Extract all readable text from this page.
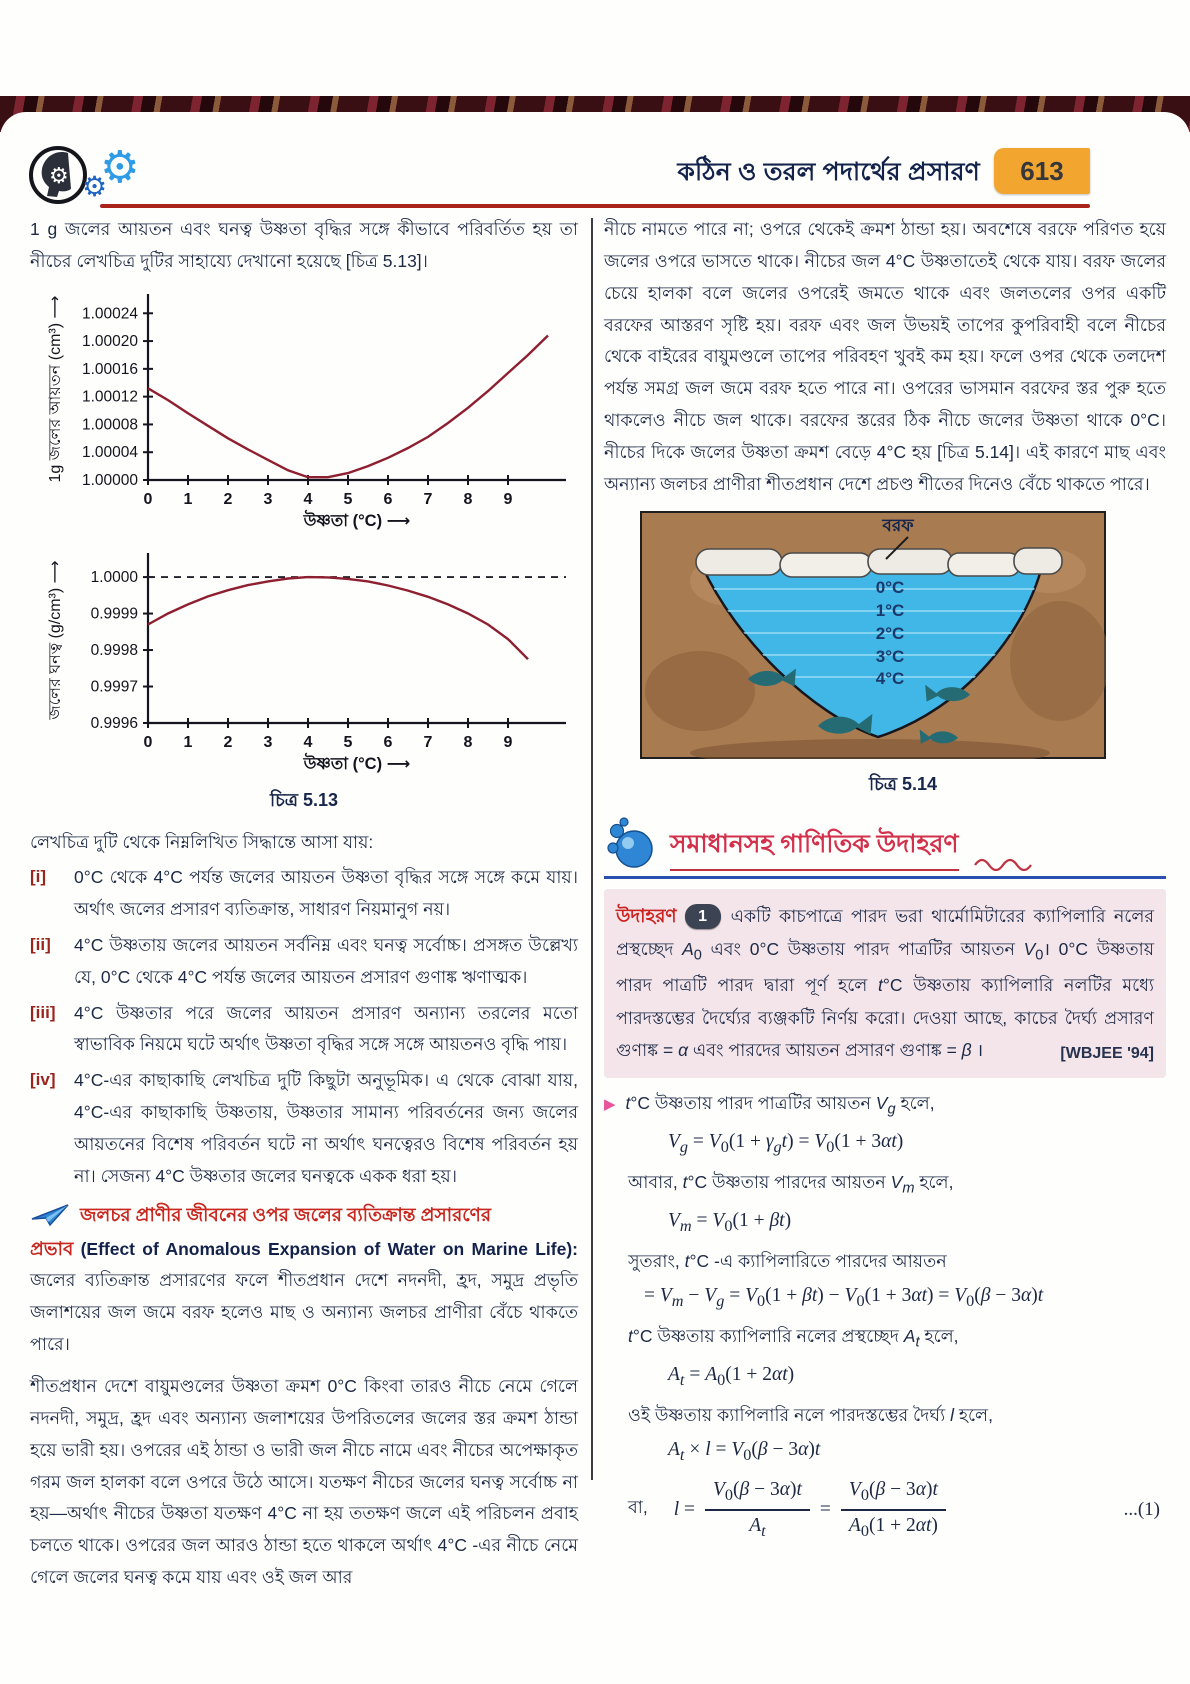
⚙ ⚙
⚙	কঠিন ও তরল পদার্থের প্রসারণ	613

1 g জলের আয়তন এবং ঘনত্ব উষ্ণতা বৃদ্ধির সঙ্গে কীভাবে পরিবর্তিত হয় তা নীচের লেখচিত্র দুটির সাহায্যে দেখানো হয়েছে [চিত্র 5.13]।

1.00024
1.00020
1.00016
1.00012
1.00008
1.00004
1.00000
0 1 2 3 4 5 6 7 8 9
1g জলের আয়তন (cm³) ⟶
উষ্ণতা (°C) ⟶
1.0000
0.9999
0.9998
0.9997
0.9996
0 1 2 3 4 5 6 7 8 9
জলের ঘনত্ব (g/cm³) ⟶
উষ্ণতা (°C) ⟶
চিত্র 5.13
লেখচিত্র দুটি থেকে নিম্নলিখিত সিদ্ধান্তে আসা যায়:
[i]	0°C থেকে 4°C পর্যন্ত জলের আয়তন উষ্ণতা বৃদ্ধির সঙ্গে সঙ্গে কমে যায়। অর্থাৎ জলের প্রসারণ ব্যতিক্রান্ত, সাধারণ নিয়মানুগ নয়।
[ii]	4°C উষ্ণতায় জলের আয়তন সর্বনিম্ন এবং ঘনত্ব সর্বোচ্চ। প্রসঙ্গত উল্লেখ্য যে, 0°C থেকে 4°C পর্যন্ত জলের আয়তন প্রসারণ গুণাঙ্ক ঋণাত্মক।
[iii]	4°C উষ্ণতার পরে জলের আয়তন প্রসারণ অন্যান্য তরলের মতো স্বাভাবিক নিয়মে ঘটে অর্থাৎ উষ্ণতা বৃদ্ধির সঙ্গে সঙ্গে আয়তনও বৃদ্ধি পায়।
[iv]	4°C-এর কাছাকাছি লেখচিত্র দুটি কিছুটা অনুভূমিক। এ থেকে বোঝা যায়, 4°C-এর কাছাকাছি উষ্ণতায়, উষ্ণতার সামান্য পরিবর্তনের জন্য জলের আয়তনের বিশেষ পরিবর্তন ঘটে না অর্থাৎ ঘনত্বেরও বিশেষ পরিবর্তন হয় না। সেজন্য 4°C উষ্ণতার জলের ঘনত্বকে একক ধরা হয়।
জলচর প্রাণীর জীবনের ওপর জলের ব্যতিক্রান্ত প্রসারণের

প্রভাব (Effect of Anomalous Expansion of Water on Marine Life): জলের ব্যতিক্রান্ত প্রসারণের ফলে শীতপ্রধান দেশে নদনদী, হ্রদ, সমুদ্র প্রভৃতি জলাশয়ের জল জমে বরফ হলেও মাছ ও অন্যান্য জলচর প্রাণীরা বেঁচে থাকতে পারে।

শীতপ্রধান দেশে বায়ুমণ্ডলের উষ্ণতা ক্রমশ 0°C কিংবা তারও নীচে নেমে গেলে নদনদী, সমুদ্র, হ্রদ এবং অন্যান্য জলাশয়ের উপরিতলের জলের স্তর ক্রমশ ঠান্ডা হয়ে ভারী হয়। ওপরের এই ঠান্ডা ও ভারী জল নীচে নামে এবং নীচের অপেক্ষাকৃত গরম জল হালকা বলে ওপরে উঠে আসে। যতক্ষণ নীচের জলের ঘনত্ব সর্বোচ্চ না হয়—অর্থাৎ নীচের উষ্ণতা যতক্ষণ 4°C না হয় ততক্ষণ জলে এই পরিচলন প্রবাহ চলতে থাকে। ওপরের জল আরও ঠান্ডা হতে থাকলে অর্থাৎ 4°C -এর নীচে নেমে গেলে জলের ঘনত্ব কমে যায় এবং ওই জল আর

নীচে নামতে পারে না; ওপরে থেকেই ক্রমশ ঠান্ডা হয়। অবশেষে বরফে পরিণত হয়ে জলের ওপরে ভাসতে থাকে। নীচের জল 4°C উষ্ণতাতেই থেকে যায়। বরফ জলের চেয়ে হালকা বলে জলের ওপরেই জমতে থাকে এবং জলতলের ওপর একটি বরফের আস্তরণ সৃষ্টি হয়। বরফ এবং জল উভয়ই তাপের কুপরিবাহী বলে নীচের থেকে বাইরের বায়ুমণ্ডলে তাপের পরিবহণ খুবই কম হয়। ফলে ওপর থেকে তলদেশ পর্যন্ত সমগ্র জল জমে বরফ হতে পারে না। ওপরের ভাসমান বরফের স্তর পুরু হতে থাকলেও নীচে জল থাকে। বরফের স্তরের ঠিক নীচে জলের উষ্ণতা থাকে 0°C। নীচের দিকে জলের উষ্ণতা ক্রমশ বেড়ে 4°C হয় [চিত্র 5.14]। এই কারণে মাছ এবং অন্যান্য জলচর প্রাণীরা শীতপ্রধান দেশে প্রচণ্ড শীতের দিনেও বেঁচে থাকতে পারে।

বরফ
0°C
1°C
2°C
3°C
4°C
চিত্র 5.14
সমাধানসহ গাণিতিক উদাহরণ
উদাহরণ 1 একটি কাচপাত্রে পারদ ভরা থার্মোমিটারের ক্যাপিলারি নলের প্রস্থচ্ছেদ $A_0$ এবং 0°C উষ্ণতায় পারদ পাত্রটির আয়তন $V_0।$ 0°C উষ্ণতায় পারদ পাত্রটি পারদ দ্বারা পূর্ণ হলে t°C উষ্ণতায় ক্যাপিলারি নলটির মধ্যে পারদস্তম্ভের দৈর্ঘ্যের ব্যঞ্জকটি নির্ণয় করো। দেওয়া আছে, কাচের দৈর্ঘ্য প্রসারণ গুণাঙ্ক = α এবং পারদের আয়তন প্রসারণ গুণাঙ্ক = β ।	[WBJEE '94]
▶ t°C উষ্ণতায় পারদ পাত্রটির আয়তন $V_g$ হলে,
$V_g = V_0(1 + \gamma_gt) = V_0(1 + 3\alpha t)$
আবার, t°C উষ্ণতায় পারদের আয়তন $V_m$ হলে,
$V_m = V_0(1 + \beta t)$
সুতরাং, t°C -এ ক্যাপিলারিতে পারদের আয়তন
= $V_m - V_g = V_0(1 + \beta t) - V_0(1 + 3\alpha t) = V_0(\beta - 3\alpha)t$
t°C উষ্ণতায় ক্যাপিলারি নলের প্রস্থচ্ছেদ $A_t$ হলে,
$A_t = A_0(1 + 2\alpha t)$
ওই উষ্ণতায় ক্যাপিলারি নলে পারদস্তম্ভের দৈর্ঘ্য l হলে,
$A_t \times l = V_0(\beta - 3\alpha)t$
বা, $l = \frac{V_0(\beta - 3\alpha)t}{A_t} = \frac{V_0(\beta - 3\alpha)t}{A_0(1 + 2\alpha t)}$	...(1)
